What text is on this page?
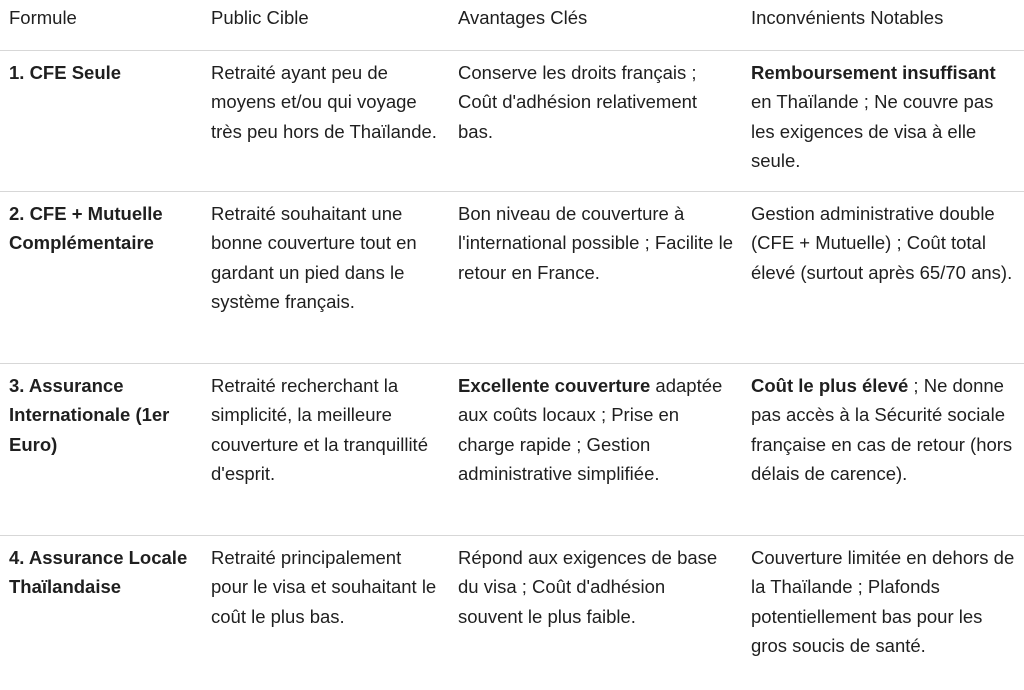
Formule	Public Cible	Avantages Clés	Inconvénients Notables
1. CFE Seule	Retraité ayant peu de moyens et/ou qui voyage très peu hors de Thaïlande.	Conserve les droits français ; Coût d'adhésion relativement bas.	Remboursement insuffisant en Thaïlande ; Ne couvre pas les exigences de visa à elle seule.
2. CFE + Mutuelle Complémentaire	Retraité souhaitant une bonne couverture tout en gardant un pied dans le système français.	Bon niveau de couverture à l'international possible ; Facilite le retour en France.	Gestion administrative double (CFE + Mutuelle) ; Coût total élevé (surtout après 65/70 ans).
3. Assurance Internationale (1er Euro)	Retraité recherchant la simplicité, la meilleure couverture et la tranquillité d'esprit.	Excellente couverture adaptée aux coûts locaux ; Prise en charge rapide ; Gestion administrative simplifiée.	Coût le plus élevé ; Ne donne pas accès à la Sécurité sociale française en cas de retour (hors délais de carence).
4. Assurance Locale Thaïlandaise	Retraité principalement pour le visa et souhaitant le coût le plus bas.	Répond aux exigences de base du visa ; Coût d'adhésion souvent le plus faible.	Couverture limitée en dehors de la Thaïlande ; Plafonds potentiellement bas pour les gros soucis de santé.
